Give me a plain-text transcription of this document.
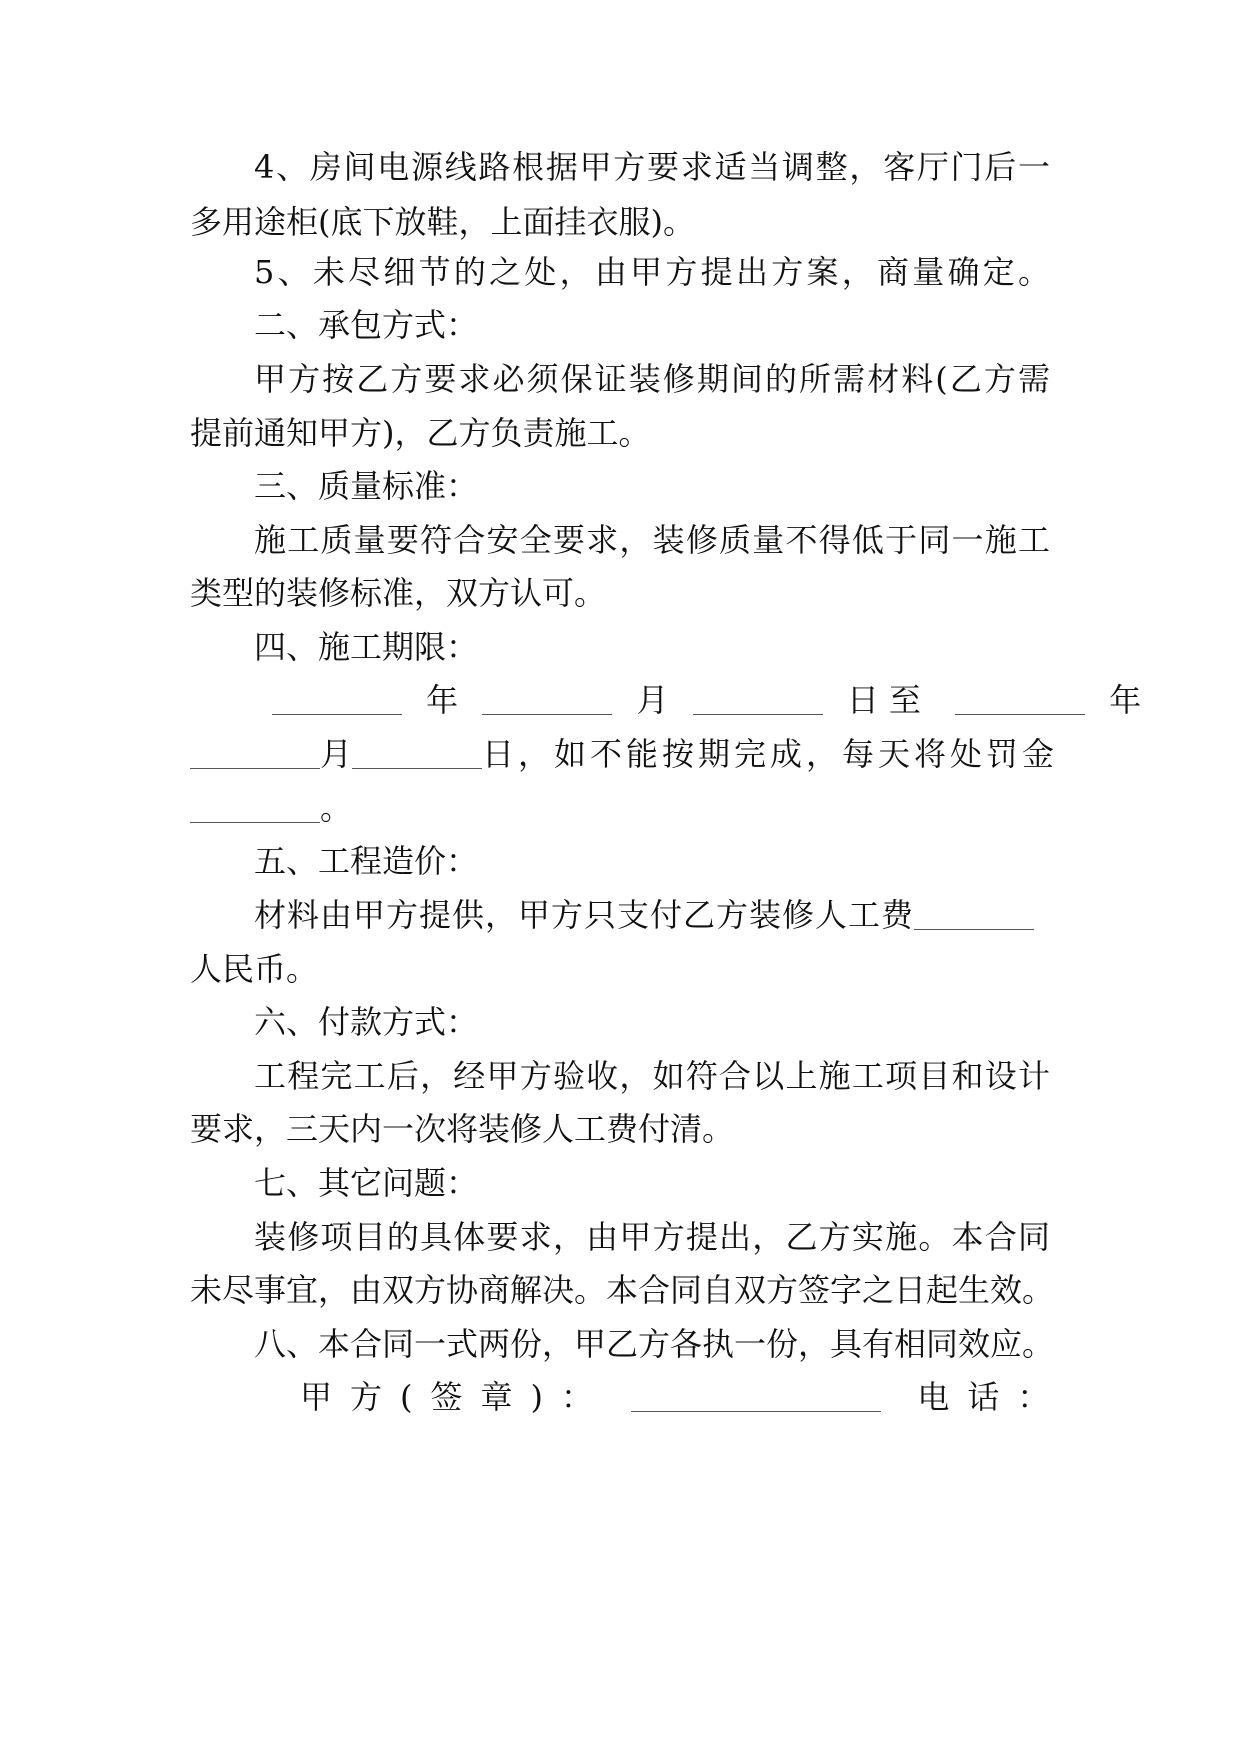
4、房间电源线路根据甲方要求适当调整，客厅门后一
多用途柜(底下放鞋，上面挂衣服)。
5、未尽细节的之处，由甲方提出方案，商量确定。
二、承包方式：
甲方按乙方要求必须保证装修期间的所需材料(乙方需
提前通知甲方)，乙方负责施工。
三、质量标准：
施工质量要符合安全要求，装修质量不得低于同一施工
类型的装修标准，双方认可。
四、施工期限：
年	月	日至	年
月	日，如不能按期完成，每天将处罚金
。
五、工程造价：
材料由甲方提供，甲方只支付乙方装修人工费
人民币。
六、付款方式：
工程完工后，经甲方验收，如符合以上施工项目和设计
要求，三天内一次将装修人工费付清。
七、其它问题：
装修项目的具体要求，由甲方提出，乙方实施。本合同
未尽事宜，由双方协商解决。本合同自双方签字之日起生效。
八、本合同一式两份，甲乙方各执一份，具有相同效应。
甲方(签章)：	电话：
